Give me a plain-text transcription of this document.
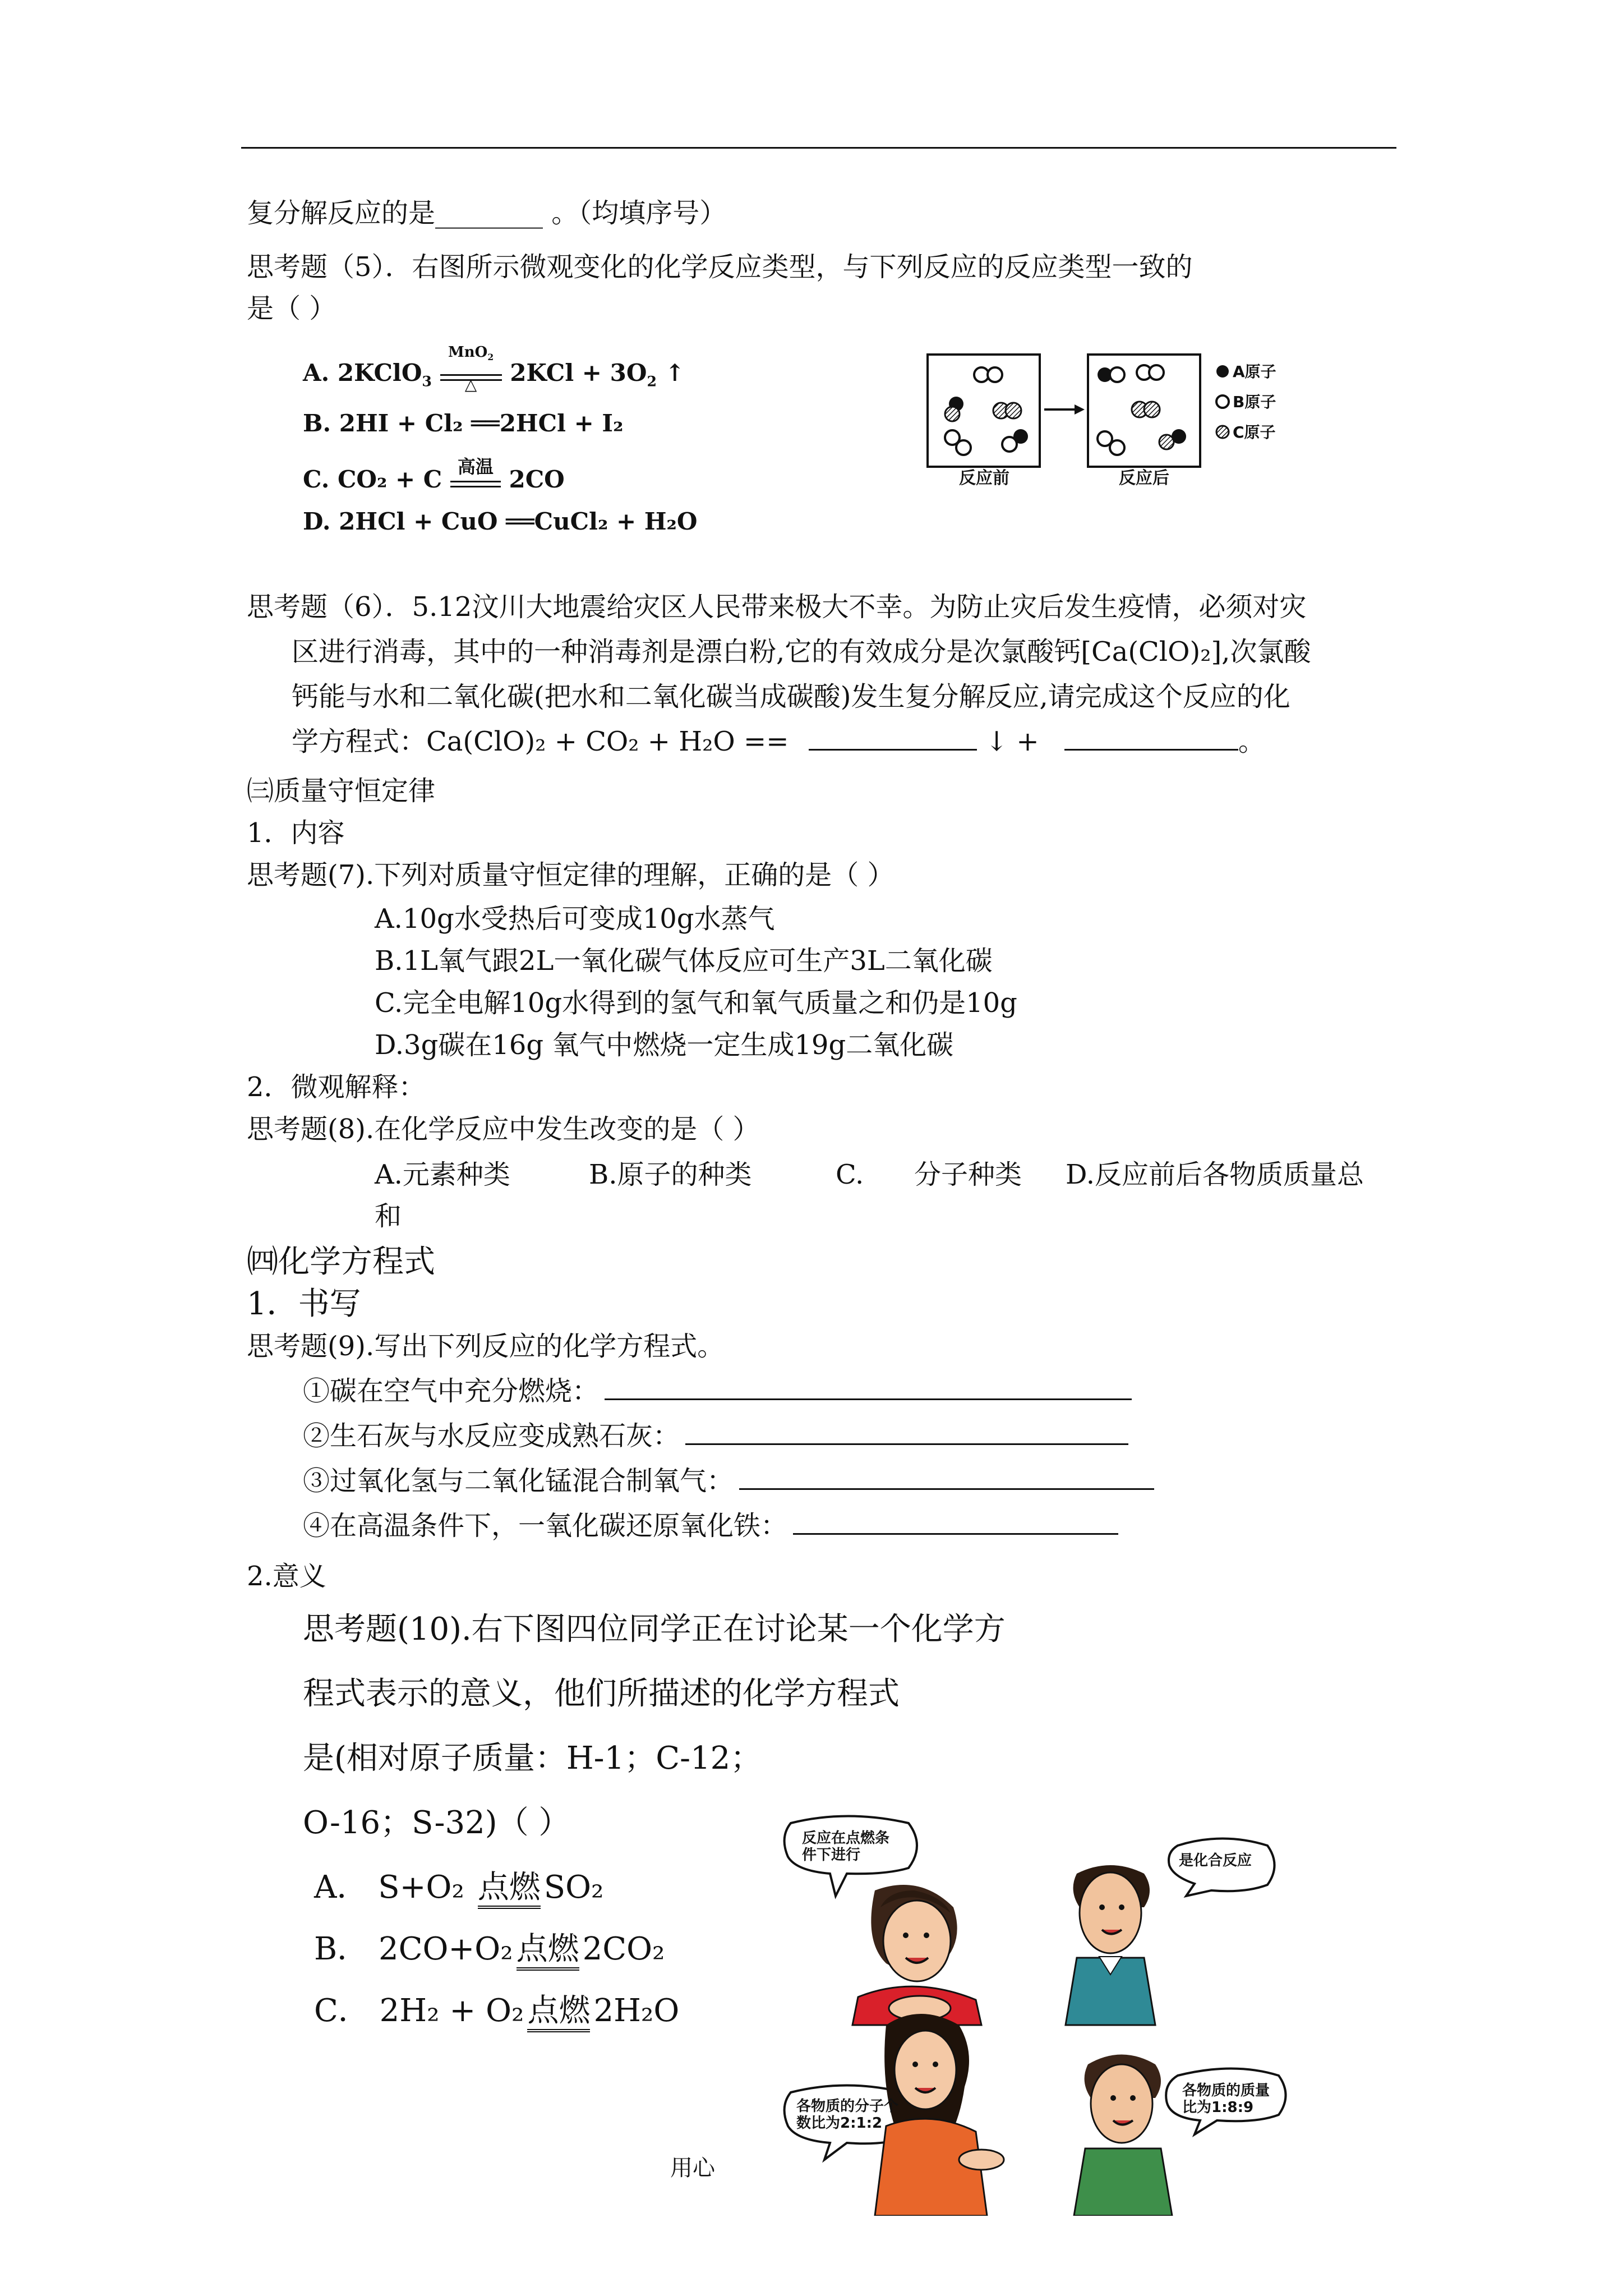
复分解反应的是________ 。（均填序号）
思考题（5）．右图所示微观变化的化学反应类型，与下列反应的反应类型一致的
是（ ）
A. 2KClO$_3$
MnO$_2$
△	$2KCl + 3O_2$ ↑
B. 2HI + Cl₂ ══2HCl + I₂
C. CO₂ + C 高温 2CO
D. 2HCl + CuO ══CuCl₂ + H₂O
A原子
B原子
C原子
反应前	反应后
思考题（6）．5.12汶川大地震给灾区人民带来极大不幸。为防止灾后发生疫情，必须对灾
区进行消毒，其中的一种消毒剂是漂白粉,它的有效成分是次氯酸钙[Ca(ClO)₂],次氯酸
钙能与水和二氧化碳(把水和二氧化碳当成碳酸)发生复分解反应,请完成这个反应的化
学方程式：Ca(ClO)₂ + CO₂ + H₂O ==	↓ +	。
㈢质量守恒定律
1．内容
思考题(7).下列对质量守恒定律的理解，正确的是（ ）
A.10g水受热后可变成10g水蒸气
B.1L氧气跟2L一氧化碳气体反应可生产3L二氧化碳
C.完全电解10g水得到的氢气和氧气质量之和仍是10g
D.3g碳在16g 氧气中燃烧一定生成19g二氧化碳
2．微观解释：
思考题(8).在化学反应中发生改变的是（ ）
A.元素种类	B.原子的种类	C. 分子种类 D.反应前后各物质质量总
和
㈣化学方程式
1．书写
思考题(9).写出下列反应的化学方程式。
①碳在空气中充分燃烧：
②生石灰与水反应变成熟石灰：
③过氧化氢与二氧化锰混合制氧气：
④在高温条件下，一氧化碳还原氧化铁：
2.意义
思考题(10).右下图四位同学正在讨论某一个化学方
程式表示的意义，他们所描述的化学方程式
是(相对原子质量：H-1；C-12；
O-16；S-32)（ ）
A． S+O₂ 点燃 SO₂
B． 2CO+O₂ 点燃 2CO₂
C． 2H₂ + O₂ 点燃 2H₂O
反应在点燃条件下进行	是化合反应
各物质的分子个数比为2:1:2
各物质的质量比为1:8:9
用心
